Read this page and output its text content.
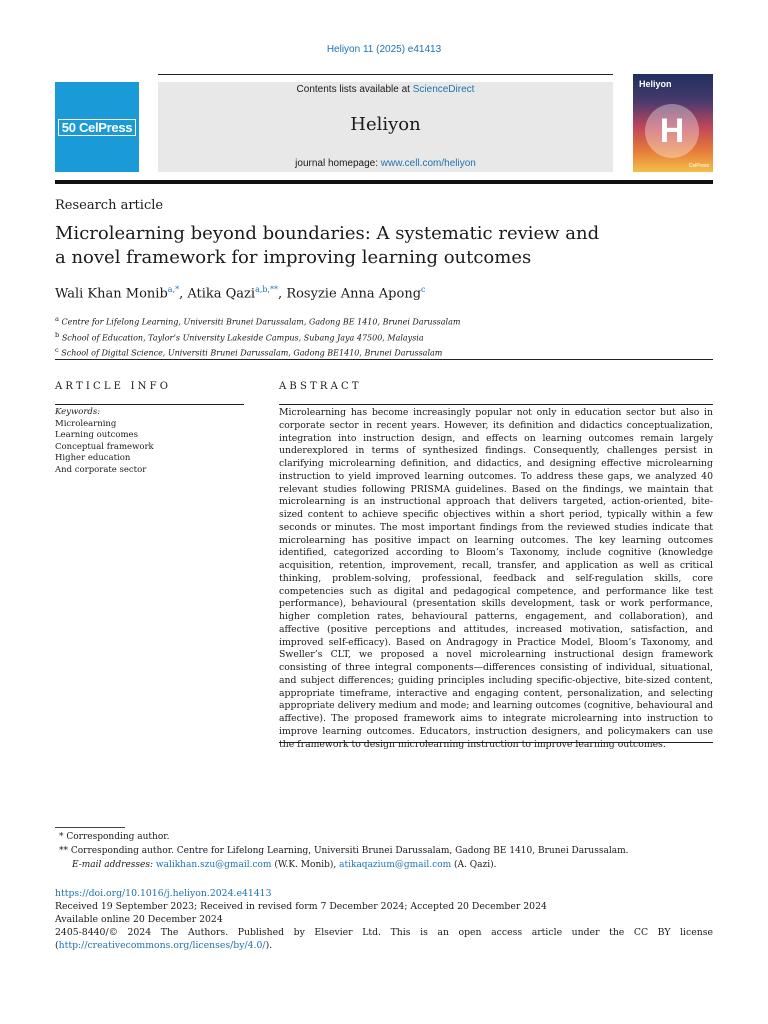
Heliyon 11 (2025) e41413
50 CelPress
Contents lists available at ScienceDirect
Heliyon
journal homepage: www.cell.com/heliyon
Heliyon
H
CelPress
Research article
Microlearning beyond boundaries: A systematic review and a novel framework for improving learning outcomes
Wali Khan Monib$^{a,*}$, Atika Qazi$^{a,b,**}$, Rosyzie Anna Apong$^c$
$^a$ Centre for Lifelong Learning, Universiti Brunei Darussalam, Gadong BE 1410, Brunei Darussalam
$^b$ School of Education, Taylor’s University Lakeside Campus, Subang Jaya 47500, Malaysia
$^c$ School of Digital Science, Universiti Brunei Darussalam, Gadong BE1410, Brunei Darussalam
ARTICLE INFO	ABSTRACT
Keywords:
Microlearning
Learning outcomes
Conceptual framework
Higher education
And corporate sector

Microlearning has become increasingly popular not only in education sector but also in corporate sector in recent years. However, its definition and didactics conceptualization, integration into instruction design, and effects on learning outcomes remain largely underexplored in terms of synthesized findings. Consequently, challenges persist in clarifying microlearning definition, and didactics, and designing effective microlearning instruction to yield improved learning outcomes. To address these gaps, we analyzed 40 relevant studies following PRISMA guidelines. Based on the findings, we maintain that microlearning is an instructional approach that delivers targeted, action-oriented, bite-sized content to achieve specific objectives within a short period, typically within a few seconds or minutes. The most important findings from the reviewed studies indicate that microlearning has positive impact on learning outcomes. The key learning outcomes identified, categorized according to Bloom’s Taxonomy, include cognitive (knowledge acquisition, retention, improvement, recall, transfer, and application as well as critical thinking, problem-solving, professional, feedback and self-regulation skills, core competencies such as digital and pedagogical competence, and performance like test performance), behavioural (presentation skills development, task or work performance, higher completion rates, behavioural patterns, engagement, and collaboration), and affective (positive perceptions and attitudes, increased motivation, satisfaction, and improved self-efficacy). Based on Andragogy in Practice Model, Bloom’s Taxonomy, and Sweller’s CLT, we proposed a novel microlearning instructional design framework consisting of three integral components—differences consisting of individual, situational, and subject differences; guiding principles including specific-objective, bite-sized content, appropriate timeframe, interactive and engaging content, personalization, and selecting appropriate delivery medium and mode; and learning outcomes (cognitive, behavioural and affective). The proposed framework aims to integrate microlearning into instruction to improve learning outcomes. Educators, instruction designers, and policymakers can use the framework to design microlearning instruction to improve learning outcomes.

* Corresponding author.
** Corresponding author. Centre for Lifelong Learning, Universiti Brunei Darussalam, Gadong BE 1410, Brunei Darussalam.
E-mail addresses: walikhan.szu@gmail.com (W.K. Monib), atikaqazium@gmail.com (A. Qazi).
https://doi.org/10.1016/j.heliyon.2024.e41413
Received 19 September 2023; Received in revised form 7 December 2024; Accepted 20 December 2024
Available online 20 December 2024
2405-8440/© 2024 The Authors. Published by Elsevier Ltd. This is an open access article under the CC BY license
(http://creativecommons.org/licenses/by/4.0/).
